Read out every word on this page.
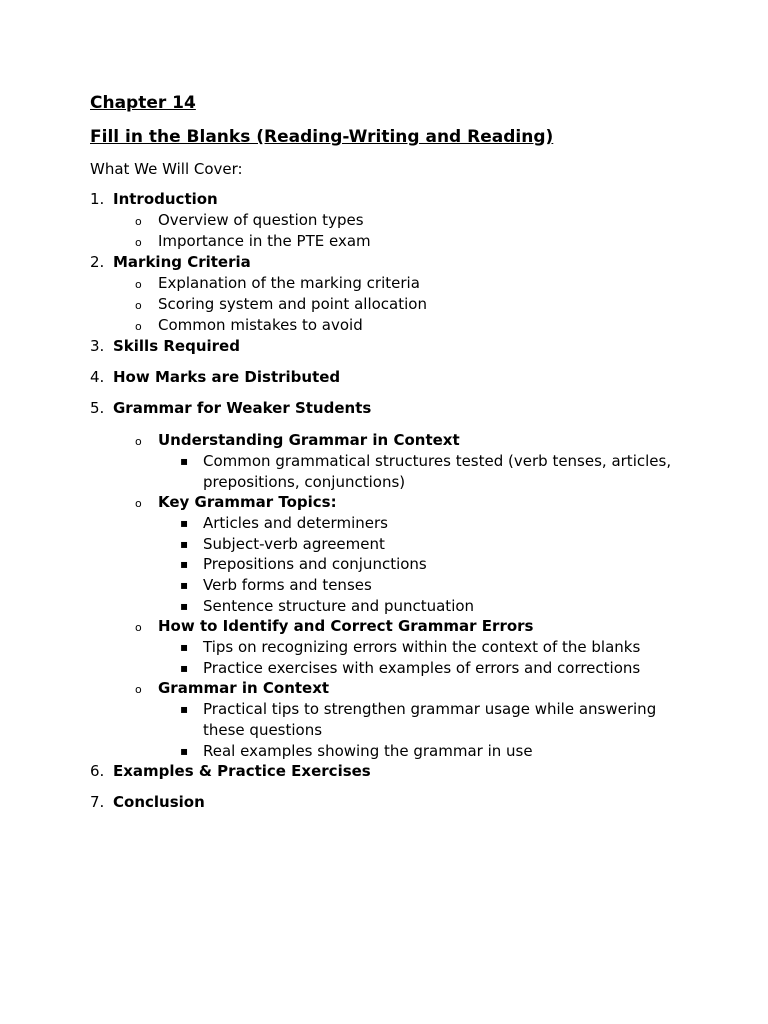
Chapter 14

Fill in the Blanks (Reading-Writing and Reading)

What We Will Cover:
1. Introduction
o Overview of question types
o Importance in the PTE exam
2. Marking Criteria
o Explanation of the marking criteria
o Scoring system and point allocation
o Common mistakes to avoid
3. Skills Required
4. How Marks are Distributed
5. Grammar for Weaker Students
o Understanding Grammar in Context
▪ Common grammatical structures tested (verb tenses, articles, prepositions, conjunctions)
o Key Grammar Topics:
▪ Articles and determiners
▪ Subject-verb agreement
▪ Prepositions and conjunctions
▪ Verb forms and tenses
▪ Sentence structure and punctuation
o How to Identify and Correct Grammar Errors
▪ Tips on recognizing errors within the context of the blanks
▪ Practice exercises with examples of errors and corrections
o Grammar in Context
▪ Practical tips to strengthen grammar usage while answering these questions
▪ Real examples showing the grammar in use
6. Examples & Practice Exercises
7. Conclusion
